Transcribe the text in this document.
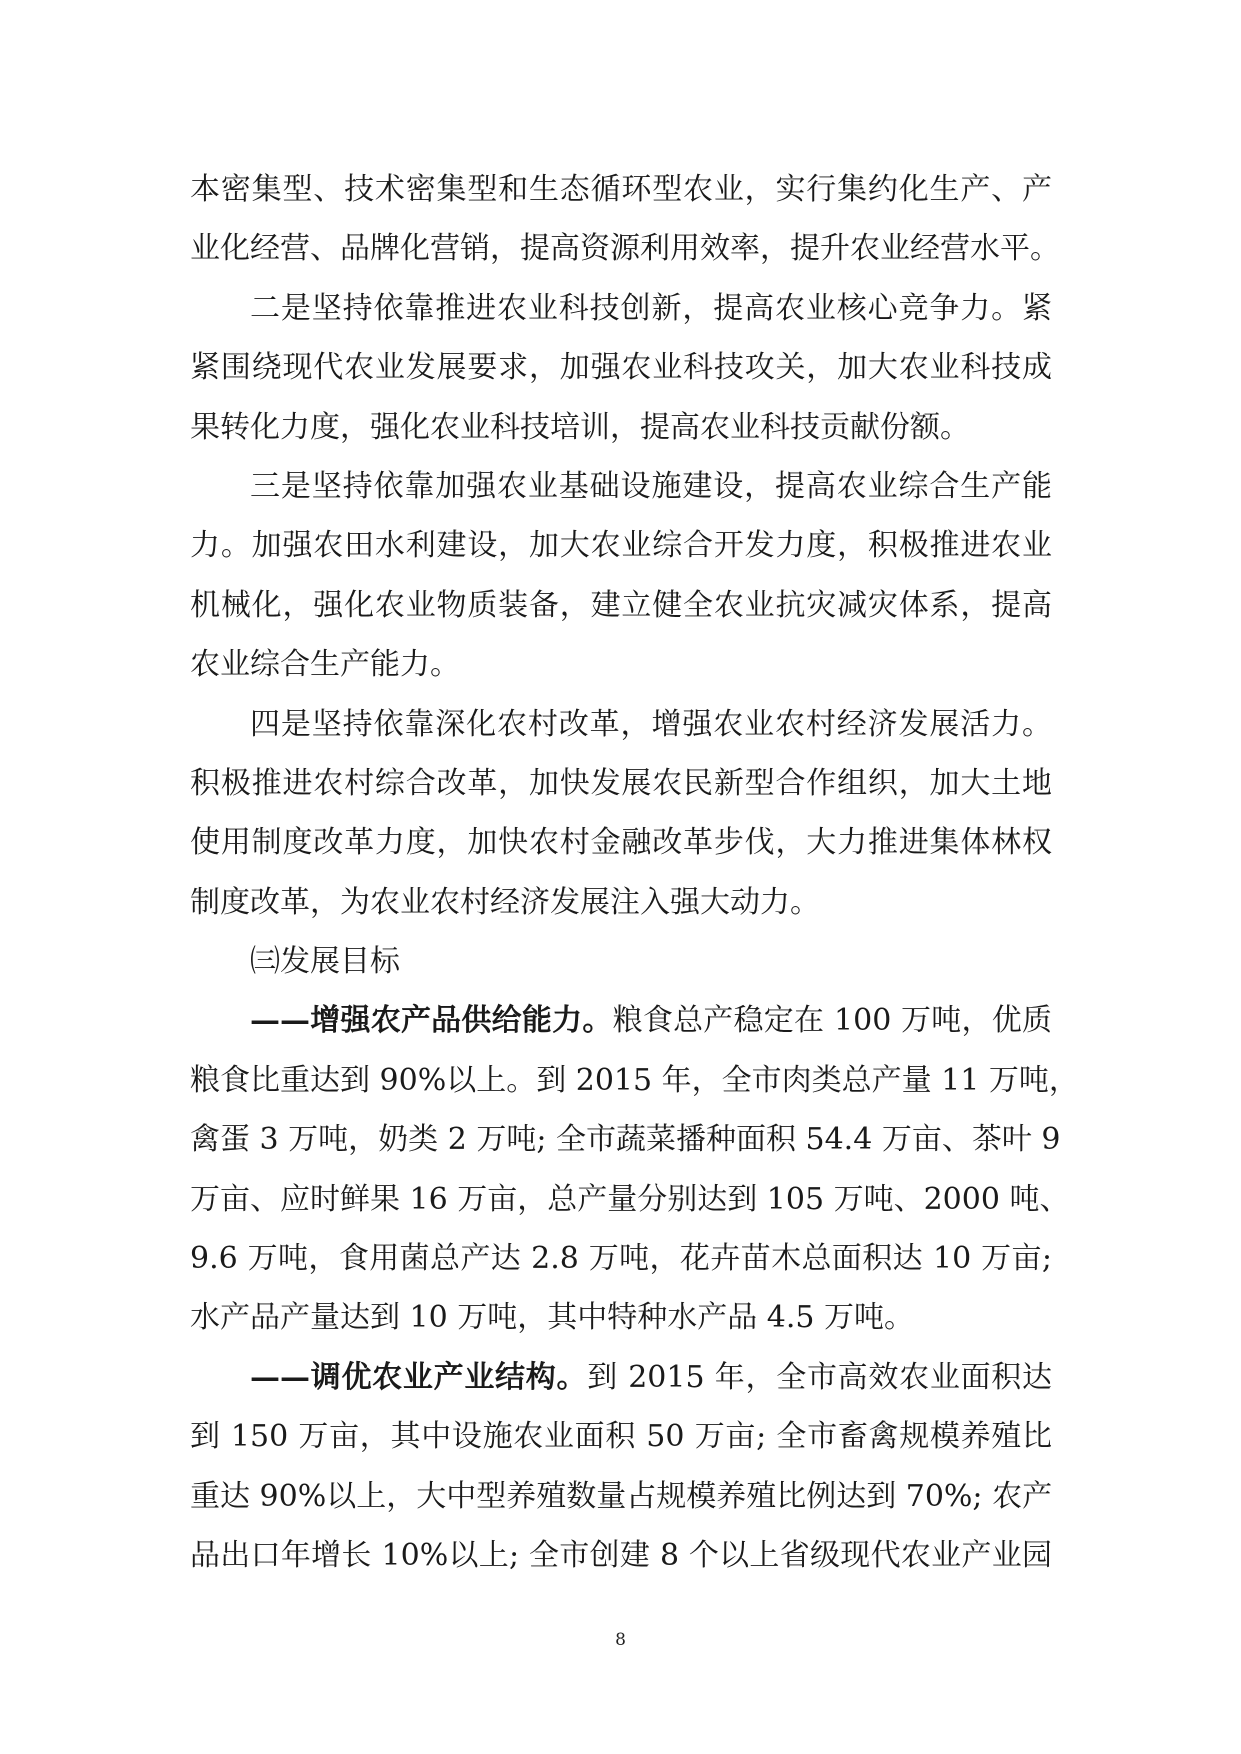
本密集型、技术密集型和生态循环型农业，实行集约化生产、产
业化经营、品牌化营销，提高资源利用效率，提升农业经营水平。
二是坚持依靠推进农业科技创新，提高农业核心竞争力。紧
紧围绕现代农业发展要求，加强农业科技攻关，加大农业科技成
果转化力度，强化农业科技培训，提高农业科技贡献份额。
三是坚持依靠加强农业基础设施建设，提高农业综合生产能
力。加强农田水利建设，加大农业综合开发力度，积极推进农业
机械化，强化农业物质装备，建立健全农业抗灾减灾体系，提高
农业综合生产能力。
四是坚持依靠深化农村改革，增强农业农村经济发展活力。
积极推进农村综合改革，加快发展农民新型合作组织，加大土地
使用制度改革力度，加快农村金融改革步伐，大力推进集体林权
制度改革，为农业农村经济发展注入强大动力。
㈢发展目标
——增强农产品供给能力。粮食总产稳定在 100 万吨，优质
粮食比重达到 90%以上。到 2015 年，全市肉类总产量 11 万吨，
禽蛋 3 万吨，奶类 2 万吨; 全市蔬菜播种面积 54.4 万亩、茶叶 9
万亩、应时鲜果 16 万亩，总产量分别达到 105 万吨、2000 吨、
9.6 万吨，食用菌总产达 2.8 万吨，花卉苗木总面积达 10 万亩;
水产品产量达到 10 万吨，其中特种水产品 4.5 万吨。
——调优农业产业结构。到 2015 年，全市高效农业面积达
到 150 万亩，其中设施农业面积 50 万亩; 全市畜禽规模养殖比
重达 90%以上，大中型养殖数量占规模养殖比例达到 70%; 农产
品出口年增长 10%以上; 全市创建 8 个以上省级现代农业产业园
8
